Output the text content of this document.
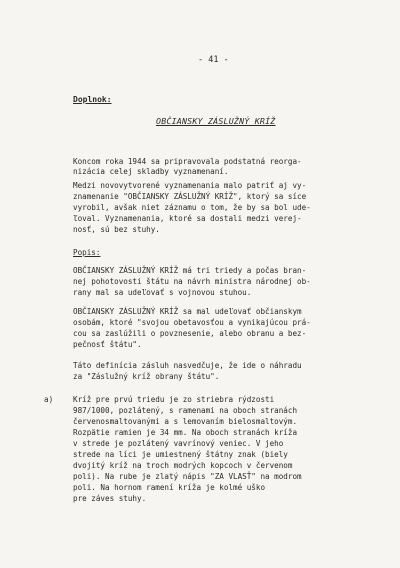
- 41 -
Doplnok:
OBČIANSKY ZÁSLUŽNÝ KRÍŽ
Koncom roka 1944 sa pripravovala podstatná reorga-
nizácia celej skladby vyznamenaní.
Medzi novovytvorené vyznamenania malo patriť aj vy-
znamenanie "OBČIANSKY ZÁSLUŽNÝ KRÍŽ", ktorý sa síce
vyrobil, avšak niet záznamu o tom, že by sa bol ude-
ľoval. Vyznamenania, ktoré sa dostali medzi verej-
nosť, sú bez stuhy.
Popis:
OBČIANSKY ZÁSLUŽNÝ KRÍŽ má tri triedy a počas bran-
nej pohotovosti štátu na návrh ministra národnej ob-
rany mal sa udeľovať s vojnovou stuhou.
OBČIANSKY ZÁSLUŽNÝ KRÍŽ sa mal udeľovať občianskym
osobám, ktoré "svojou obetavosťou a vynikajúcou prá-
cou sa zaslúžili o povznesenie, alebo obranu a bez-
pečnosť štátu".
Táto definícia zásluh nasvedčuje, že ide o náhradu
za "Záslužný kríž obrany štátu".
a)	Kríž pre prvú triedu je zo striebra rýdzosti
987/1000, pozlátený, s ramenami na oboch stranách
červenosmaltovanými a s lemovaním bielosmaltovým.
Rozpätie ramien je 34 mm. Na oboch stranách kríža
v strede je pozlátený vavrínový veniec. V jeho
strede na líci je umiestnený štátny znak (biely
dvojitý kríž na troch modrých kopcoch v červenom
poli). Na rube je zlatý nápis "ZA VLASŤ" na modrom
poli. Na hornom ramení kríža je kolmé uško
pre záves stuhy.
